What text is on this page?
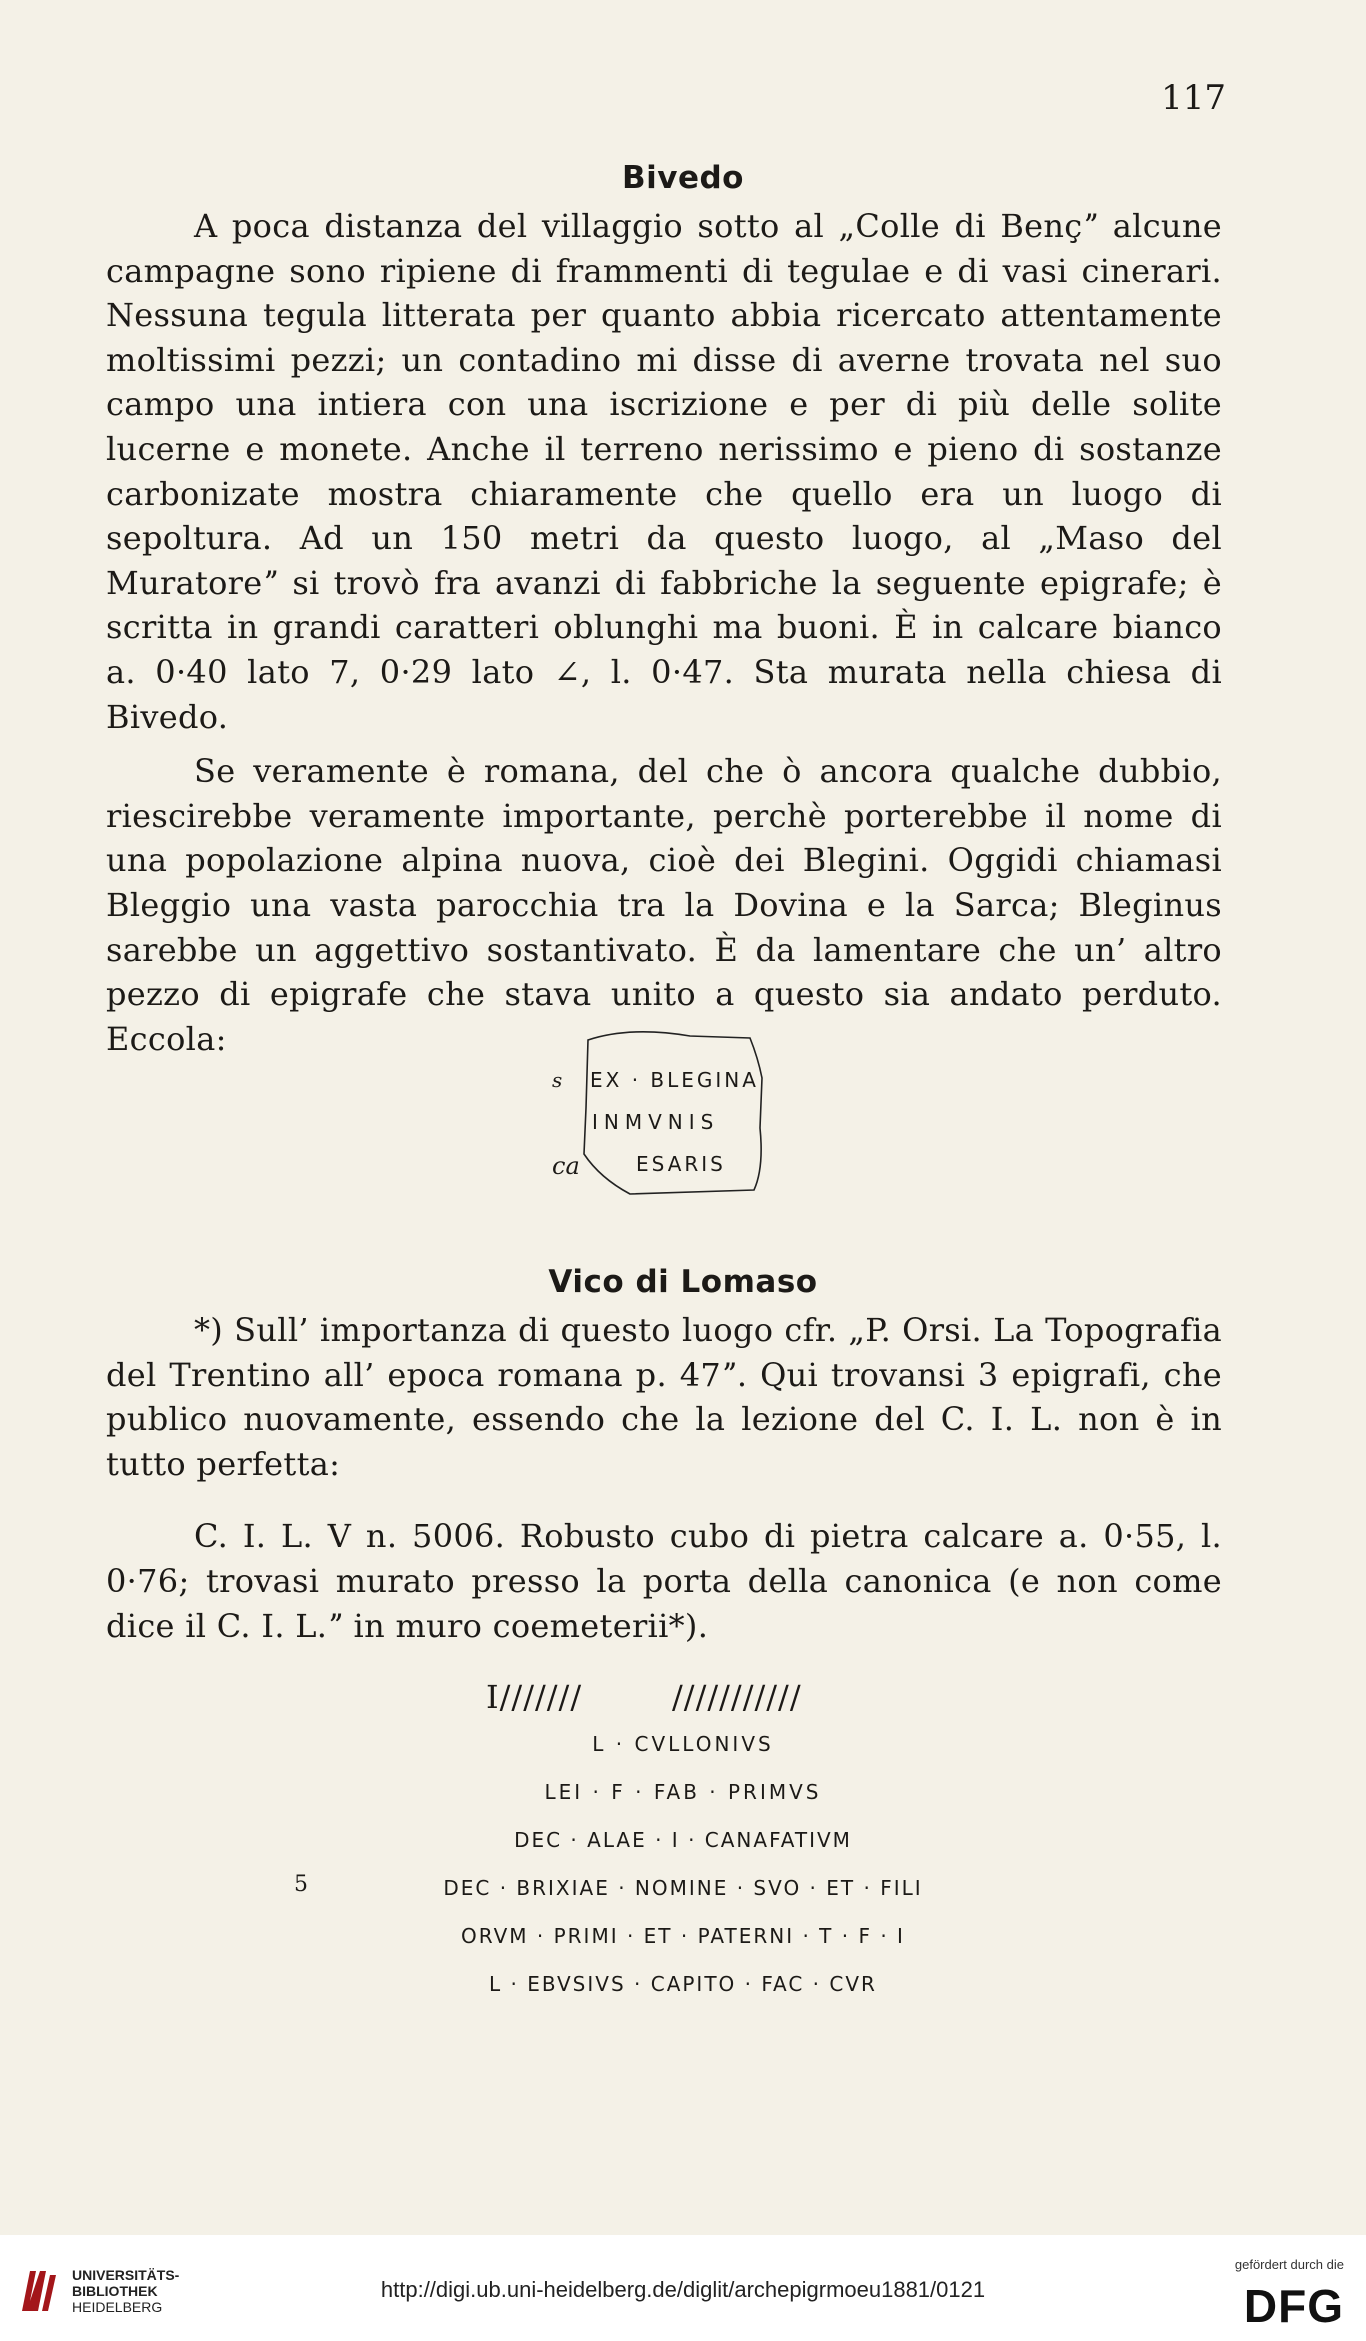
117
Bivedo

A poca distanza del villaggio sotto al „Colle di Bençˮ alcune campagne sono ripiene di frammenti di tegulae e di vasi cinerari. Nessuna tegula litterata per quanto abbia ricercato attentamente moltissimi pezzi; un contadino mi disse di averne trovata nel suo campo una intiera con una iscrizione e per di più delle solite lucerne e monete. Anche il terreno nerissimo e pieno di sostanze carbonizate mostra chiaramente che quello era un luogo di sepoltura. Ad un 150 metri da questo luogo, al „Maso del Muratoreˮ si trovò fra avanzi di fabbriche la seguente epigrafe; è scritta in grandi caratteri oblunghi ma buoni. È in calcare bianco a. 0·40 lato 7, 0·29 lato ∠, l. 0·47. Sta murata nella chiesa di Bivedo.

Se veramente è romana, del che ò ancora qualche dubbio, riescirebbe veramente importante, perchè porterebbe il nome di una popolazione alpina nuova, cioè dei Blegini. Oggidi chiamasi Bleggio una vasta parocchia tra la Dovina e la Sarca; Bleginus sarebbe un aggettivo sostantivato. È da lamentare che un’ altro pezzo di epigrafe che stava unito a questo sia andato perduto. Eccola:

s EX · BLEGINA
INMVNIS
ca	ESARIS
Vico di Lomaso

*) Sull’ importanza di questo luogo cfr. „P. Orsi. La Topografia del Trentino all’ epoca romana p. 47ˮ. Qui trovansi 3 epigrafi, che publico nuovamente, essendo che la lezione del C. I. L. non è in tutto perfetta:

C. I. L. V n. 5006. Robusto cubo di pietra calcare a. 0·55, l. 0·76; trovasi murato presso la porta della canonica (e non come dice il C. I. L.ˮ in muro coemeterii*).

I///////	///////////
L · CVLLONIVS
LEI · F · FAB · PRIMVS
DEC · ALAE · I · CANAFATIVM
DEC · BRIXIAE · NOMINE · SVO · ET · FILI
ORVM · PRIMI · ET · PATERNI · T · F · I
L · EBVSIVS · CAPITO · FAC · CVR
5
UNIVERSITÄTS-
BIBLIOTHEK
HEIDELBERG
http://digi.ub.uni-heidelberg.de/diglit/archepigrmoeu1881/0121
gefördert durch die
DFG
